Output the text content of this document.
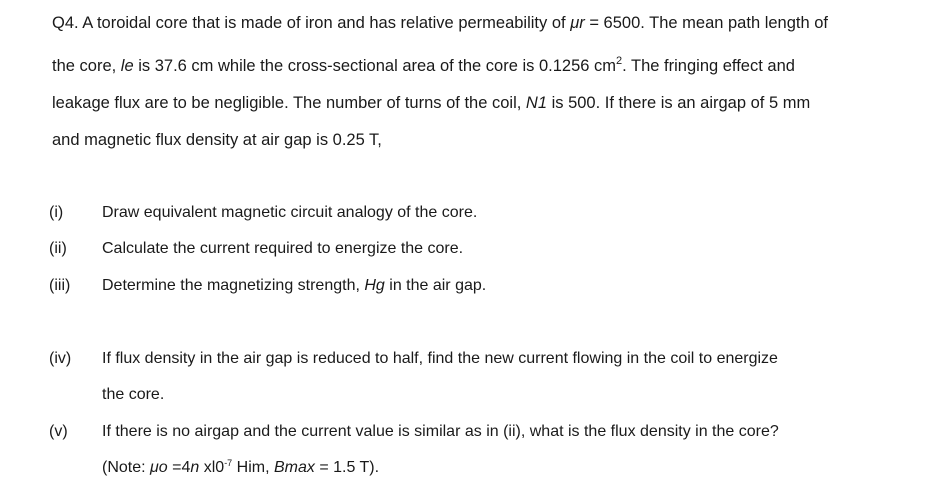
Q4. A toroidal core that is made of iron and has relative permeability of μr = 6500. The mean path length of
the core, le is 37.6 cm while the cross-sectional area of the core is 0.1256 $cm^2$. The fringing effect and
leakage flux are to be negligible. The number of turns of the coil, N1 is 500. If there is an airgap of 5 mm
and magnetic flux density at air gap is 0.25 T,
(i) Draw equivalent magnetic circuit analogy of the core.
(ii) Calculate the current required to energize the core.
(iii) Determine the magnetizing strength, Hg in the air gap.
(iv) If flux density in the air gap is reduced to half, find the new current flowing in the coil to energize
the core.
(v) If there is no airgap and the current value is similar as in (ii), what is the flux density in the core?
(Note: μo =4n $xl0^{-7}$ Him, Bmax = 1.5 T).
